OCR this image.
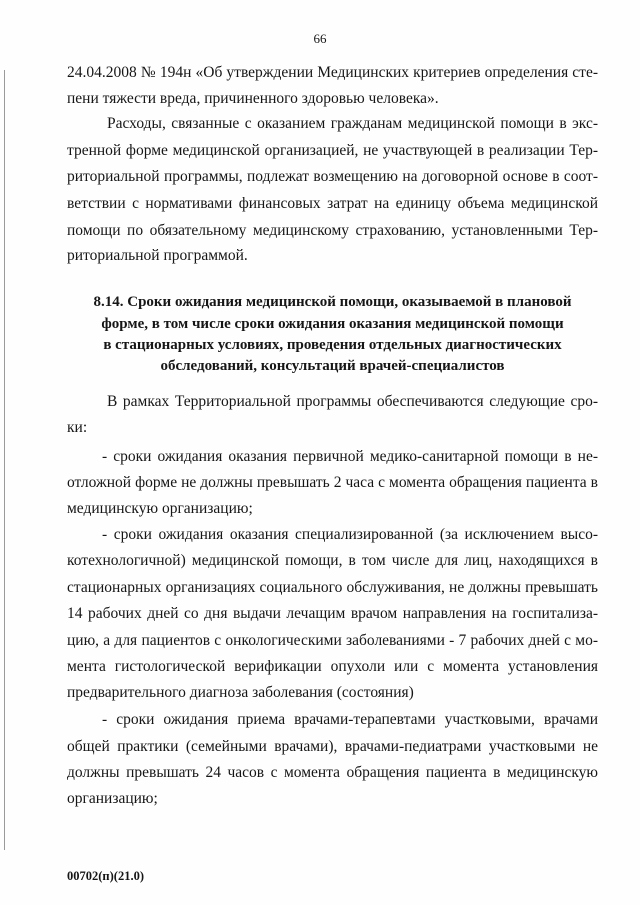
66

24.04.2008 № 194н «Об утверждении Медицинских критериев определения сте-

пени тяжести вреда, причиненного здоровью человека».

Расходы, связанные с оказанием гражданам медицинской помощи в экс-

тренной форме медицинской организацией, не участвующей в реализации Тер-

риториальной программы, подлежат возмещению на договорной основе в соот-

ветствии с нормативами финансовых затрат на единицу объема медицинской

помощи по обязательному медицинскому страхованию, установленными Тер-

риториальной программой.

8.14. Сроки ожидания медицинской помощи, оказываемой в плановой

форме, в том числе сроки ожидания оказания медицинской помощи

в стационарных условиях, проведения отдельных диагностических

обследований, консультаций врачей-специалистов

В рамках Территориальной программы обеспечиваются следующие сро-

ки:

- сроки ожидания оказания первичной медико-санитарной помощи в не-

отложной форме не должны превышать 2 часа с момента обращения пациента в

медицинскую организацию;

- сроки ожидания оказания специализированной (за исключением высо-

котехнологичной) медицинской помощи, в том числе для лиц, находящихся в

стационарных организациях социального обслуживания, не должны превышать

14 рабочих дней со дня выдачи лечащим врачом направления на госпитализа-

цию, а для пациентов с онкологическими заболеваниями - 7 рабочих дней с мо-

мента гистологической верификации опухоли или с момента установления

предварительного диагноза заболевания (состояния)

- сроки ожидания приема врачами-терапевтами участковыми, врачами

общей практики (семейными врачами), врачами-педиатрами участковыми не

должны превышать 24 часов с момента обращения пациента в медицинскую

организацию;

00702(п)(21.0)
